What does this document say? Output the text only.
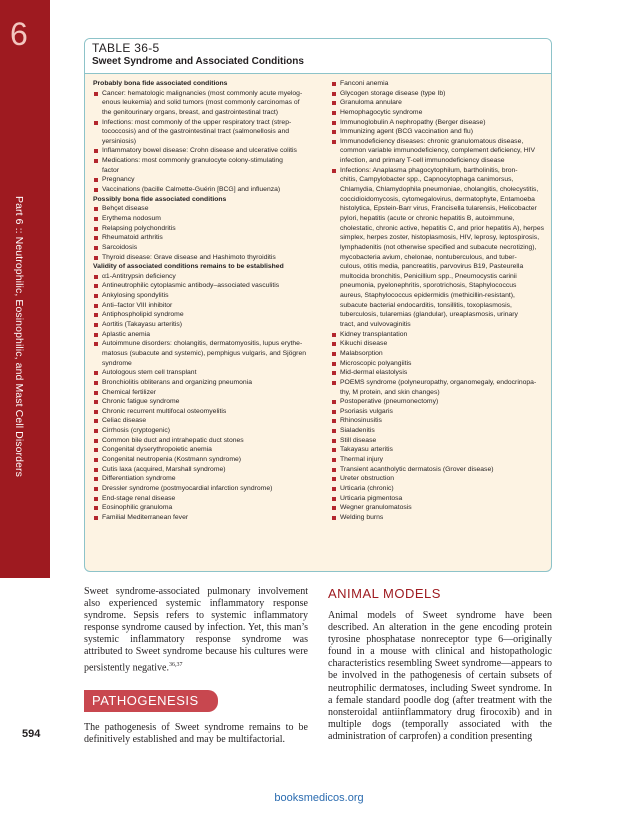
6
Part 6 :: Neutrophilic, Eosinophilic, and Mast Cell Disorders
TABLE 36-5
Sweet Syndrome and Associated Conditions
Probably bona fide associated conditions
Cancer: hematologic malignancies (most commonly acute myelog-
enous leukemia) and solid tumors (most commonly carcinomas of
the genitourinary organs, breast, and gastrointestinal tract)
Infections: most commonly of the upper respiratory tract (strep-
tococcosis) and of the gastrointestinal tract (salmonellosis and
yersiniosis)
Inflammatory bowel disease: Crohn disease and ulcerative colitis
Medications: most commonly granulocyte colony-stimulating
factor
Pregnancy
Vaccinations (bacille Calmette-Guérin [BCG] and influenza)
Possibly bona fide associated conditions
Behçet disease
Erythema nodosum
Relapsing polychondritis
Rheumatoid arthritis
Sarcoidosis
Thyroid disease: Grave disease and Hashimoto thyroiditis
Validity of associated conditions remains to be established
α1-Antitrypsin deficiency
Antineutrophilic cytoplasmic antibody–associated vasculitis
Ankylosing spondylitis
Anti–factor VIII inhibitor
Antiphospholipid syndrome
Aortitis (Takayasu arteritis)
Aplastic anemia
Autoimmune disorders: cholangitis, dermatomyositis, lupus erythe-
matosus (subacute and systemic), pemphigus vulgaris, and Sjögren
syndrome
Autologous stem cell transplant
Bronchiolitis obliterans and organizing pneumonia
Chemical fertilizer
Chronic fatigue syndrome
Chronic recurrent multifocal osteomyelitis
Celiac disease
Cirrhosis (cryptogenic)
Common bile duct and intrahepatic duct stones
Congenital dyserythropoietic anemia
Congenital neutropenia (Kostmann syndrome)
Cutis laxa (acquired, Marshall syndrome)
Differentiation syndrome
Dressler syndrome (postmyocardial infarction syndrome)
End-stage renal disease
Eosinophilic granuloma
Familial Mediterranean fever
Fanconi anemia
Glycogen storage disease (type Ib)
Granuloma annulare
Hemophagocytic syndrome
Immunoglobulin A nephropathy (Berger disease)
Immunizing agent (BCG vaccination and flu)
Immunodeficiency diseases: chronic granulomatous disease,
common variable immunodeficiency, complement deficiency, HIV
infection, and primary T-cell immunodeficiency disease
Infections: Anaplasma phagocytophilum, bartholinitis, bron-
chitis, Campylobacter spp., Capnocytophaga canimorsus,
Chlamydia, Chlamydophila pneumoniae, cholangitis, cholecystitis,
coccidioidomycosis, cytomegalovirus, dermatophyte, Entamoeba
histolytica, Epstein-Barr virus, Francisella tularensis, Helicobacter
pylori, hepatitis (acute or chronic hepatitis B, autoimmune,
cholestatic, chronic active, hepatitis C, and prior hepatitis A), herpes
simplex, herpes zoster, histoplasmosis, HIV, leprosy, leptospirosis,
lymphadenitis (not otherwise specified and subacute necrotizing),
mycobacteria avium, chelonae, nontuberculous, and tuber-
culous, otitis media, pancreatitis, parvovirus B19, Pasteurella
multocida bronchitis, Penicillium spp., Pneumocystis carinii
pneumonia, pyelonephritis, sporotrichosis, Staphylococcus
aureus, Staphylococcus epidermidis (methicillin-resistant),
subacute bacterial endocarditis, tonsillitis, toxoplasmosis,
tuberculosis, tularemias (glandular), ureaplasmosis, urinary
tract, and vulvovaginitis
Kidney transplantation
Kikuchi disease
Malabsorption
Microscopic polyangiitis
Mid-dermal elastolysis
POEMS syndrome (polyneuropathy, organomegaly, endocrinopa-
thy, M protein, and skin changes)
Postoperative (pneumonectomy)
Psoriasis vulgaris
Rhinosinusitis
Sialadenitis
Still disease
Takayasu arteritis
Thermal injury
Transient acantholytic dermatosis (Grover disease)
Ureter obstruction
Urticaria (chronic)
Urticaria pigmentosa
Wegner granulomatosis
Welding burns
Sweet syndrome-associated pulmonary involvement also experienced systemic inflammatory response syndrome. Sepsis refers to systemic inflammatory response syndrome caused by infection. Yet, this man’s systemic inflammatory response syndrome was attributed to Sweet syndrome because his cultures were persistently negative.$^{36,37}$
PATHOGENESIS
The pathogenesis of Sweet syndrome remains to be definitively established and may be multifactorial.
ANIMAL MODELS
Animal models of Sweet syndrome have been described. An alteration in the gene encoding protein tyrosine phosphatase nonreceptor type 6—originally found in a mouse with clinical and histopathologic characteristics resembling Sweet syndrome—appears to be involved in the pathogenesis of certain subsets of neutrophilic dermatoses, including Sweet syndrome. In a female standard poodle dog (after treatment with the nonsteroidal antiinflammatory drug firocoxib) and in multiple dogs (temporally associated with the administration of carprofen) a condition presenting
594
booksmedicos.org
